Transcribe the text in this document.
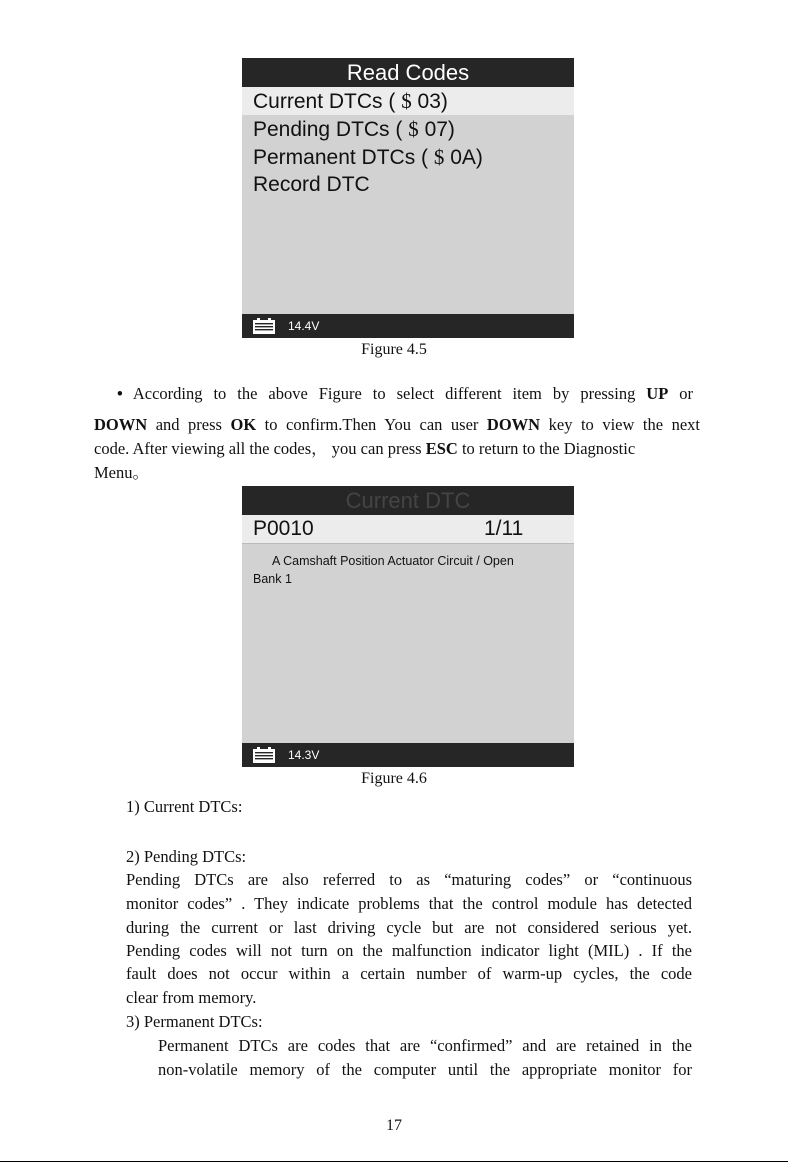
Read Codes
Current DTCs ( $ 03)
Pending DTCs ( $ 07)
Permanent DTCs ( $ 0A)
Record DTC
14.4V
Figure 4.5
• According to the above Figure to select different item by pressing UP or
DOWN and press OK to confirm.Then You can user DOWN key to view the next
code. After viewing all the codes， you can press ESC to return to the Diagnostic
Menu。
Current DTC
P0010	1/11
A Camshaft Position Actuator Circuit / Open
Bank 1
14.3V
Figure 4.6
1) Current DTCs:
2) Pending DTCs:
Pending DTCs are also referred to as “maturing codes” or “continuous
monitor codes” . They indicate problems that the control module has detected
during the current or last driving cycle but are not considered serious yet.
Pending codes will not turn on the malfunction indicator light (MIL) . If the
fault does not occur within a certain number of warm-up cycles, the code
clear from memory.
3) Permanent DTCs:
Permanent DTCs are codes that are “confirmed” and are retained in the
non-volatile memory of the computer until the appropriate monitor for
17
